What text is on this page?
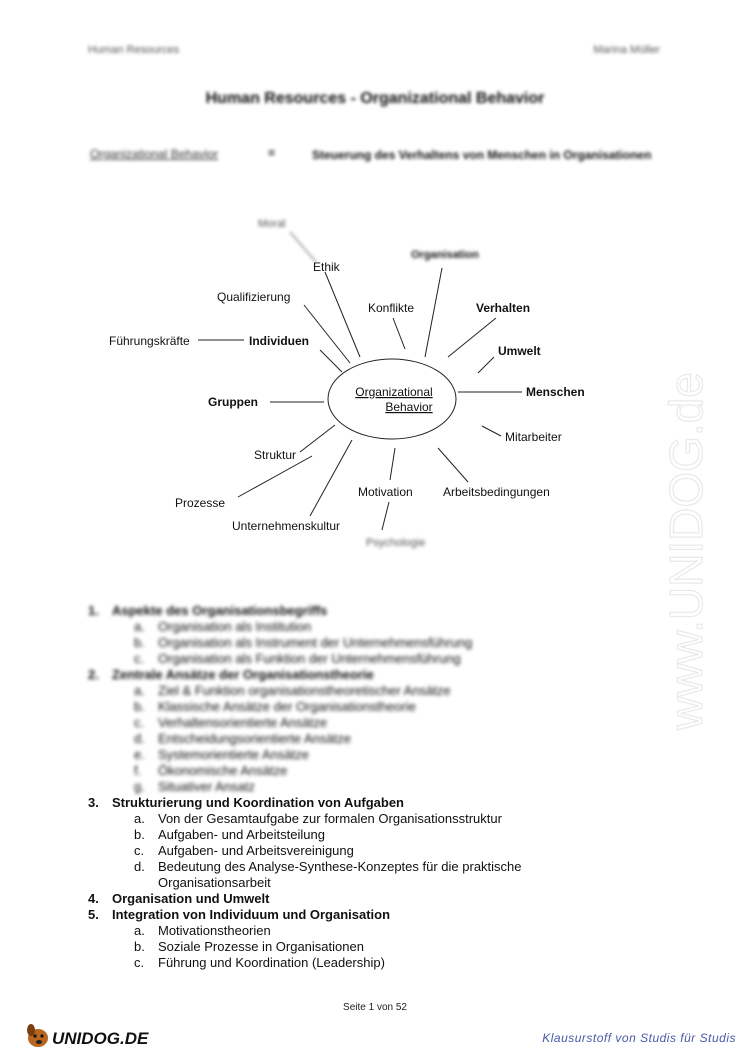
Human Resources	Marina Müller
Human Resources - Organizational Behavior
Organizational Behavior	=	Steuerung des Verhaltens von Menschen in Organisationen
Moral
Ethik
Organisation
Qualifizierung
Konflikte	Verhalten
Führungskräfte	Individuen
Umwelt
Menschen
Gruppen
Mitarbeiter
Struktur
Prozesse
Motivation	Arbeitsbedingungen
Unternehmenskultur
Psychologie
Organizational
Behavior	www.UNIDOG.de
1. Aspekte des Organisationsbegriffs
a. Organisation als Institution
b. Organisation als Instrument der Unternehmensführung
c. Organisation als Funktion der Unternehmensführung
2. Zentrale Ansätze der Organisationstheorie
a. Ziel & Funktion organisationstheoretischer Ansätze
b. Klassische Ansätze der Organisationstheorie
c. Verhaltensorientierte Ansätze
d. Entscheidungsorientierte Ansätze
e. Systemorientierte Ansätze
f. Ökonomische Ansätze
g. Situativer Ansatz
3. Strukturierung und Koordination von Aufgaben
a. Von der Gesamtaufgabe zur formalen Organisationsstruktur
b. Aufgaben- und Arbeitsteilung
c. Aufgaben- und Arbeitsvereinigung
d. Bedeutung des Analyse-Synthese-Konzeptes für die praktische
Organisationsarbeit
4. Organisation und Umwelt
5. Integration von Individuum und Organisation
a. Motivationstheorien
b. Soziale Prozesse in Organisationen
c. Führung und Koordination (Leadership)
Seite 1 von 52
UNIDOG.DE	Klausurstoff von Studis für Studis
